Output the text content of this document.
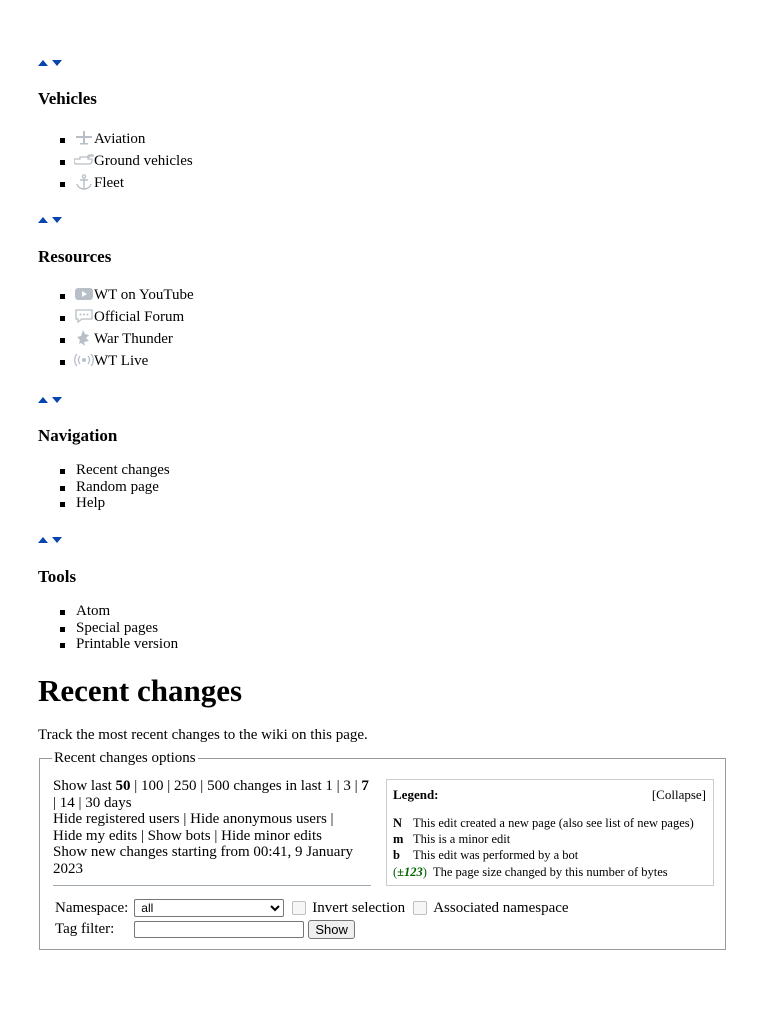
Vehicles
Aviation
Ground vehicles
Fleet
Resources
WT on YouTube
Official Forum
War Thunder
WT Live
Navigation
Recent changes
Random page
Help
Tools
Atom
Special pages
Printable version
Recent changes
Track the most recent changes to the wiki on this page.
Recent changes options
Show last 50 | 100 | 250 | 500 changes in last 1 | 3 | 7 | 14 | 30 days
Hide registered users | Hide anonymous users |
Hide my edits | Show bots | Hide minor edits
Show new changes starting from 00:41, 9 January 2023
Legend:	[Collapse]
N This edit created a new page (also see list of new pages)
m This is a minor edit
b	This edit was performed by a bot
(±123) The page size changed by this number of bytes
Namespace:
all	Invert selection Associated namespace
Tag filter:	Show
